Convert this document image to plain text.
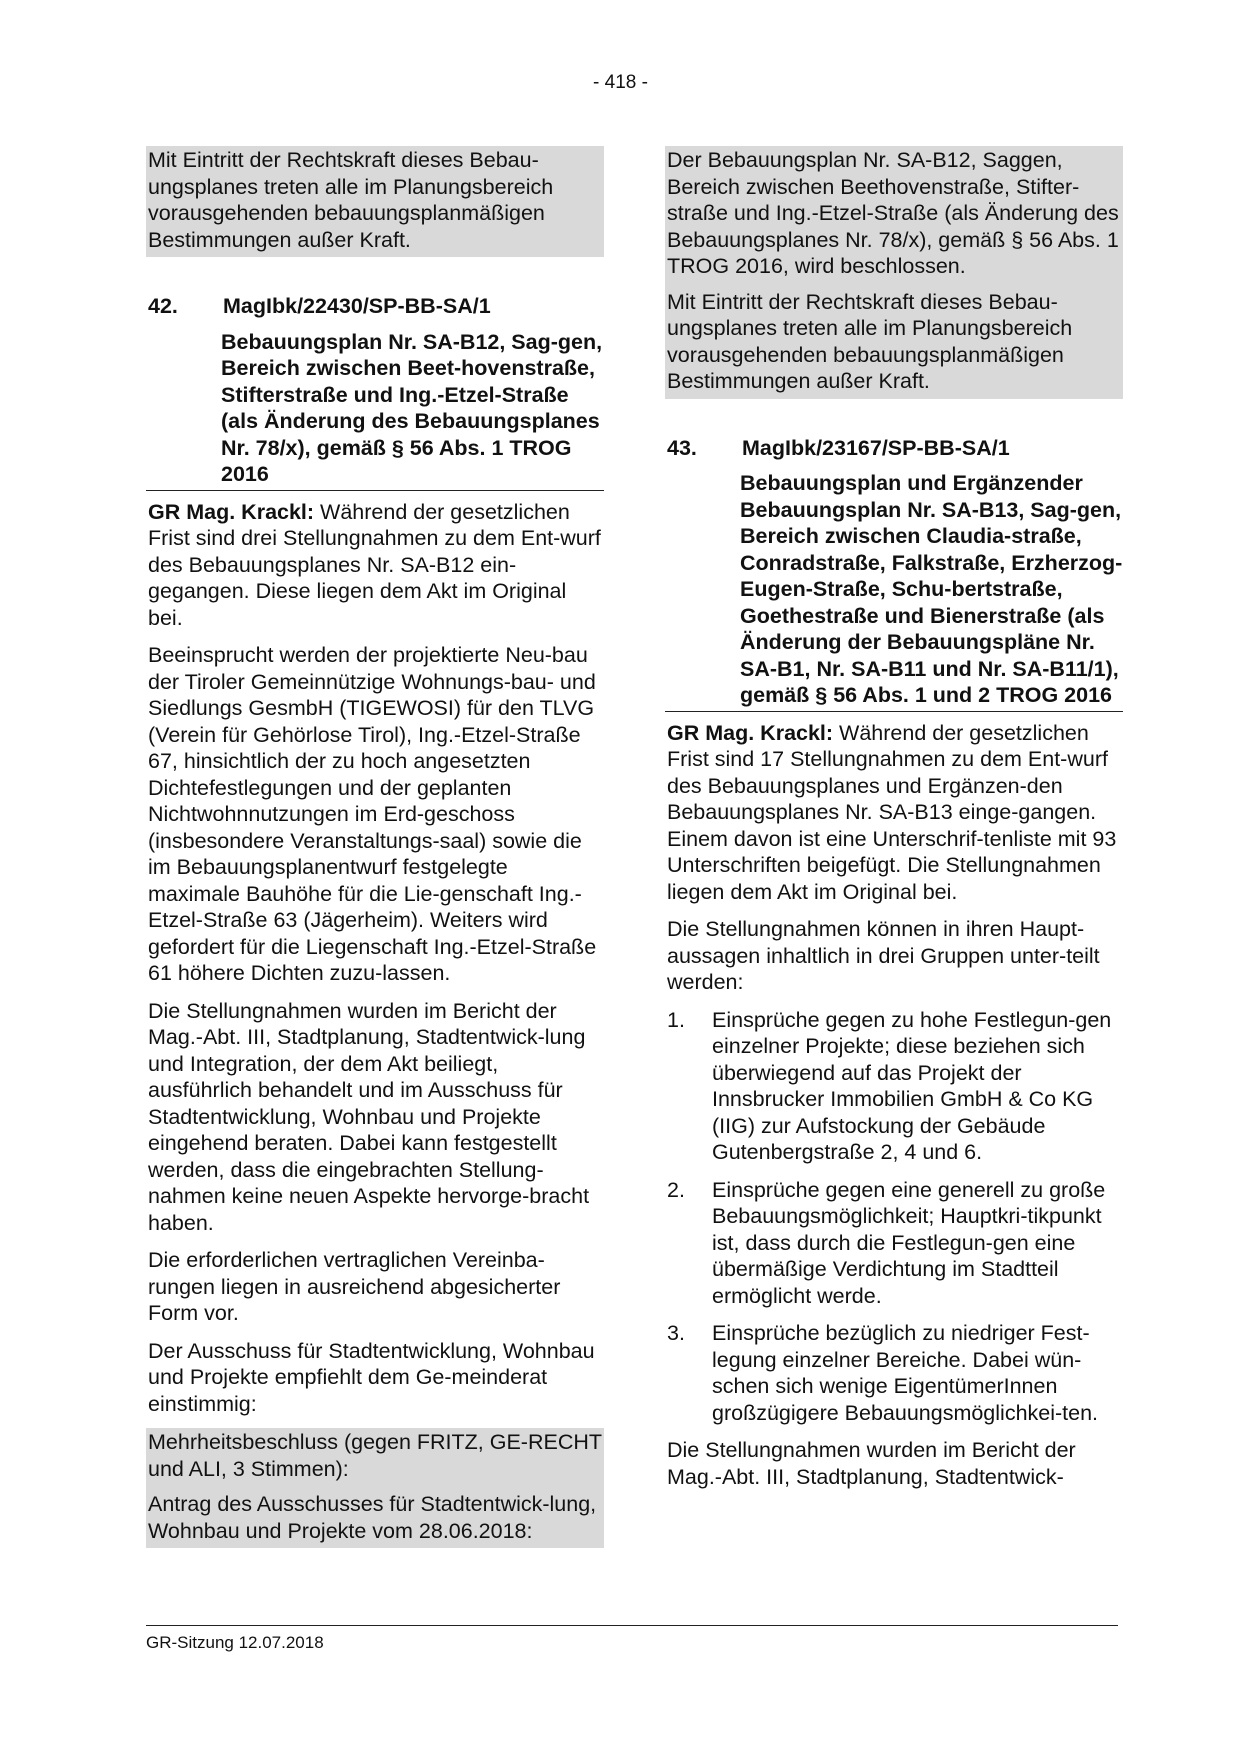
- 418 -

Mit Eintritt der Rechtskraft dieses Bebau-ungsplanes treten alle im Planungsbereich vorausgehenden bebauungsplanmäßigen Bestimmungen außer Kraft.

42. MagIbk/22430/SP-BB-SA/1
Bebauungsplan Nr. SA-B12, Sag-gen, Bereich zwischen Beet-hovenstraße, Stifterstraße und Ing.-Etzel-Straße (als Änderung des Bebauungsplanes Nr. 78/x), gemäß § 56 Abs. 1 TROG 2016

GR Mag. Krackl: Während der gesetzlichen Frist sind drei Stellungnahmen zu dem Ent-wurf des Bebauungsplanes Nr. SA-B12 ein-gegangen. Diese liegen dem Akt im Original bei.

Beeinsprucht werden der projektierte Neu-bau der Tiroler Gemeinnützige Wohnungs-bau- und Siedlungs GesmbH (TIGEWOSI) für den TLVG (Verein für Gehörlose Tirol), Ing.-Etzel-Straße 67, hinsichtlich der zu hoch angesetzten Dichtefestlegungen und der geplanten Nichtwohnnutzungen im Erd-geschoss (insbesondere Veranstaltungs-saal) sowie die im Bebauungsplanentwurf festgelegte maximale Bauhöhe für die Lie-genschaft Ing.-Etzel-Straße 63 (Jägerheim). Weiters wird gefordert für die Liegenschaft Ing.-Etzel-Straße 61 höhere Dichten zuzu-lassen.

Die Stellungnahmen wurden im Bericht der Mag.-Abt. III, Stadtplanung, Stadtentwick-lung und Integration, der dem Akt beiliegt, ausführlich behandelt und im Ausschuss für Stadtentwicklung, Wohnbau und Projekte eingehend beraten. Dabei kann festgestellt werden, dass die eingebrachten Stellung-nahmen keine neuen Aspekte hervorge-bracht haben.

Die erforderlichen vertraglichen Vereinba-rungen liegen in ausreichend abgesicherter Form vor.

Der Ausschuss für Stadtentwicklung, Wohnbau und Projekte empfiehlt dem Ge-meinderat einstimmig:

Mehrheitsbeschluss (gegen FRITZ, GE-RECHT und ALI, 3 Stimmen):

Antrag des Ausschusses für Stadtentwick-lung, Wohnbau und Projekte vom 28.06.2018:

Der Bebauungsplan Nr. SA-B12, Saggen, Bereich zwischen Beethovenstraße, Stifter-straße und Ing.-Etzel-Straße (als Änderung des Bebauungsplanes Nr. 78/x), gemäß § 56 Abs. 1 TROG 2016, wird beschlossen.

Mit Eintritt der Rechtskraft dieses Bebau-ungsplanes treten alle im Planungsbereich vorausgehenden bebauungsplanmäßigen Bestimmungen außer Kraft.

43. MagIbk/23167/SP-BB-SA/1
Bebauungsplan und Ergänzender Bebauungsplan Nr. SA-B13, Sag-gen, Bereich zwischen Claudia-straße, Conradstraße, Falkstraße, Erzherzog-Eugen-Straße, Schu-bertstraße, Goethestraße und Bienerstraße (als Änderung der Bebauungspläne Nr. SA-B1, Nr. SA-B11 und Nr. SA-B11/1), gemäß § 56 Abs. 1 und 2 TROG 2016

GR Mag. Krackl: Während der gesetzlichen Frist sind 17 Stellungnahmen zu dem Ent-wurf des Bebauungsplanes und Ergänzen-den Bebauungsplanes Nr. SA-B13 einge-gangen. Einem davon ist eine Unterschrif-tenliste mit 93 Unterschriften beigefügt. Die Stellungnahmen liegen dem Akt im Original bei.

Die Stellungnahmen können in ihren Haupt-aussagen inhaltlich in drei Gruppen unter-teilt werden:

1. Einsprüche gegen zu hohe Festlegun-gen einzelner Projekte; diese beziehen sich überwiegend auf das Projekt der Innsbrucker Immobilien GmbH & Co KG (IIG) zur Aufstockung der Gebäude Gutenbergstraße 2, 4 und 6.
2. Einsprüche gegen eine generell zu große Bebauungsmöglichkeit; Hauptkri-tikpunkt ist, dass durch die Festlegun-gen eine übermäßige Verdichtung im Stadtteil ermöglicht werde.
3. Einsprüche bezüglich zu niedriger Fest-legung einzelner Bereiche. Dabei wün-schen sich wenige EigentümerInnen großzügigere Bebauungsmöglichkei-ten.

Die Stellungnahmen wurden im Bericht der Mag.-Abt. III, Stadtplanung, Stadtentwick-

GR-Sitzung 12.07.2018
